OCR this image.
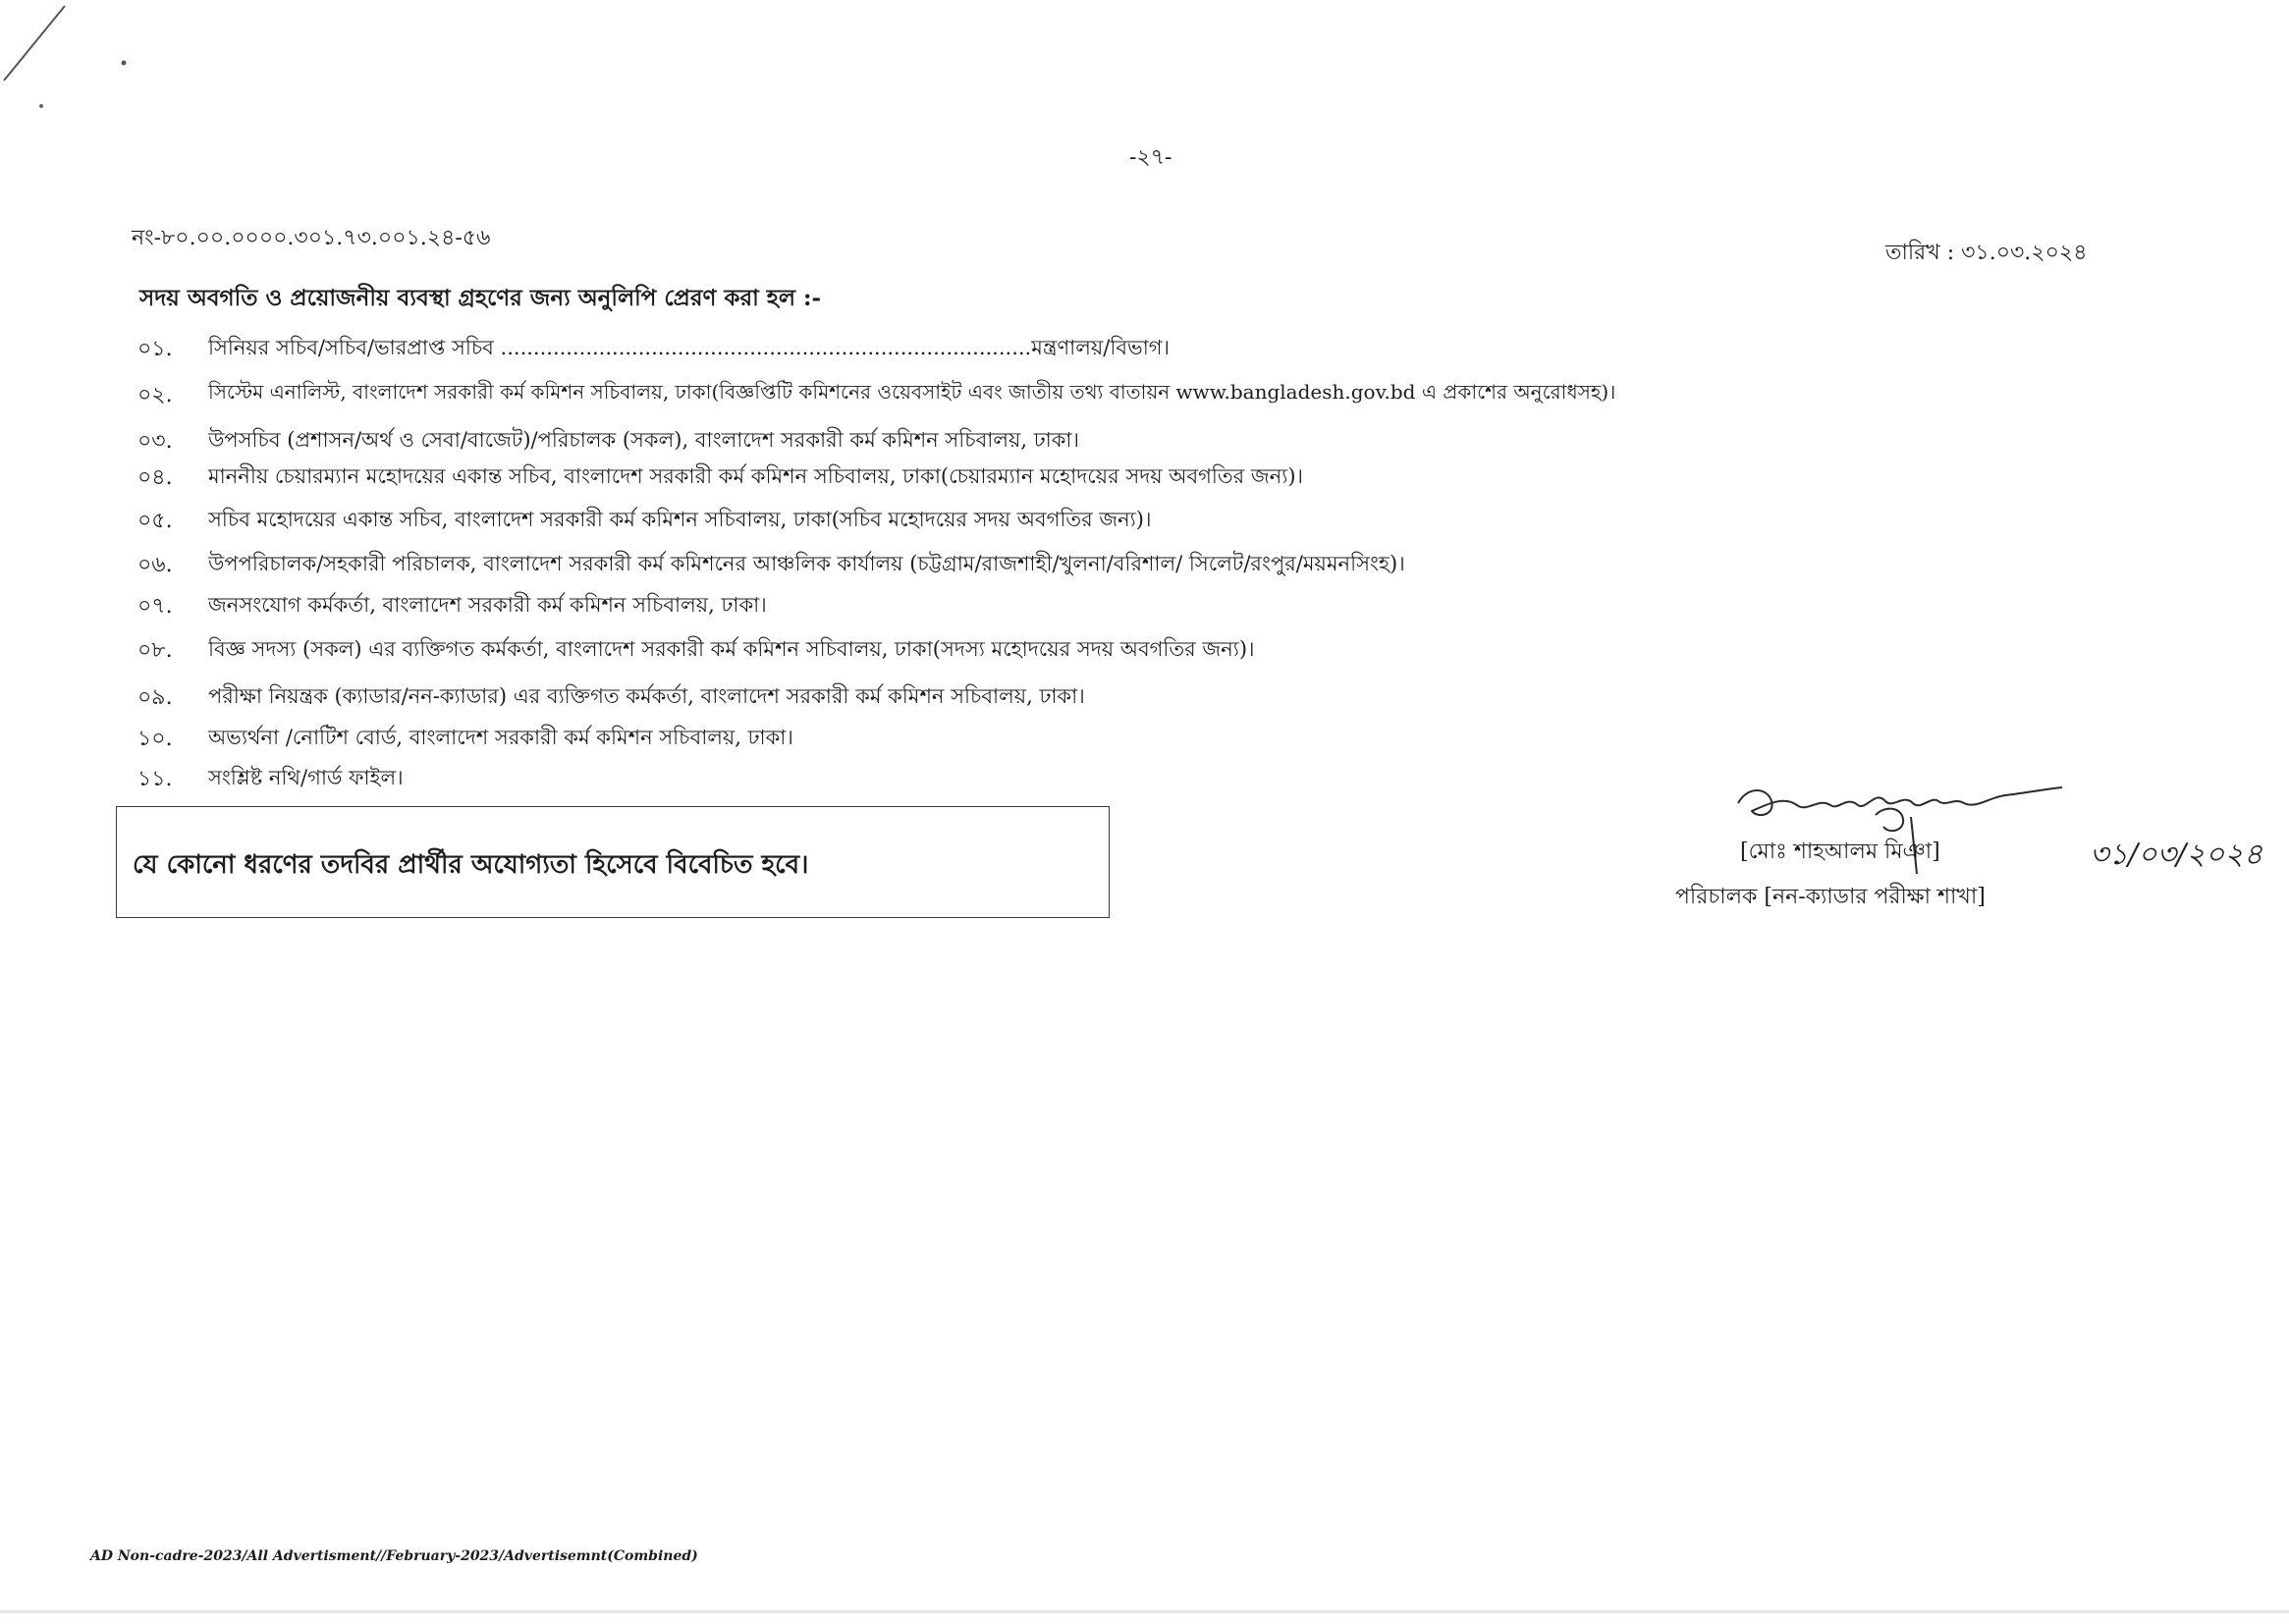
-২৭-
নং-৮০.০০.০০০০.৩০১.৭৩.০০১.২৪-৫৬
তারিখ : ৩১.০৩.২০২৪
সদয় অবগতি ও প্রয়োজনীয় ব্যবস্থা গ্রহণের জন্য অনুলিপি প্রেরণ করা হল :-
০১. সিনিয়র সচিব/সচিব/ভারপ্রাপ্ত সচিব .................................................................................মন্ত্রণালয়/বিভাগ।
০২. সিস্টেম এনালিস্ট, বাংলাদেশ সরকারী কর্ম কমিশন সচিবালয়, ঢাকা(বিজ্ঞপ্তিটি কমিশনের ওয়েবসাইট এবং জাতীয় তথ্য বাতায়ন www.bangladesh.gov.bd এ প্রকাশের অনুরোধসহ)।
০৩. উপসচিব (প্রশাসন/অর্থ ও সেবা/বাজেট)/পরিচালক (সকল), বাংলাদেশ সরকারী কর্ম কমিশন সচিবালয়, ঢাকা।
০৪. মাননীয় চেয়ারম্যান মহোদয়ের একান্ত সচিব, বাংলাদেশ সরকারী কর্ম কমিশন সচিবালয়, ঢাকা(চেয়ারম্যান মহোদয়ের সদয় অবগতির জন্য)।
০৫. সচিব মহোদয়ের একান্ত সচিব, বাংলাদেশ সরকারী কর্ম কমিশন সচিবালয়, ঢাকা(সচিব মহোদয়ের সদয় অবগতির জন্য)।
০৬. উপপরিচালক/সহকারী পরিচালক, বাংলাদেশ সরকারী কর্ম কমিশনের আঞ্চলিক কার্যালয় (চট্টগ্রাম/রাজশাহী/খুলনা/বরিশাল/ সিলেট/রংপুর/ময়মনসিংহ)।
০৭. জনসংযোগ কর্মকর্তা, বাংলাদেশ সরকারী কর্ম কমিশন সচিবালয়, ঢাকা।
০৮. বিজ্ঞ সদস্য (সকল) এর ব্যক্তিগত কর্মকর্তা, বাংলাদেশ সরকারী কর্ম কমিশন সচিবালয়, ঢাকা(সদস্য মহোদয়ের সদয় অবগতির জন্য)।
০৯. পরীক্ষা নিয়ন্ত্রক (ক্যাডার/নন-ক্যাডার) এর ব্যক্তিগত কর্মকর্তা, বাংলাদেশ সরকারী কর্ম কমিশন সচিবালয়, ঢাকা।
১০. অভ্যর্থনা /নোটিশ বোর্ড, বাংলাদেশ সরকারী কর্ম কমিশন সচিবালয়, ঢাকা।
১১. সংশ্লিষ্ট নথি/গার্ড ফাইল।
যে কোনো ধরণের তদবির প্রার্থীর অযোগ্যতা হিসেবে বিবেচিত হবে।	৩১/০৩/২০২৪
[মোঃ শাহআলম মিঞা]
পরিচালক [নন-ক্যাডার পরীক্ষা শাখা]
AD Non-cadre-2023/All Advertisment//February-2023/Advertisemnt(Combined)
